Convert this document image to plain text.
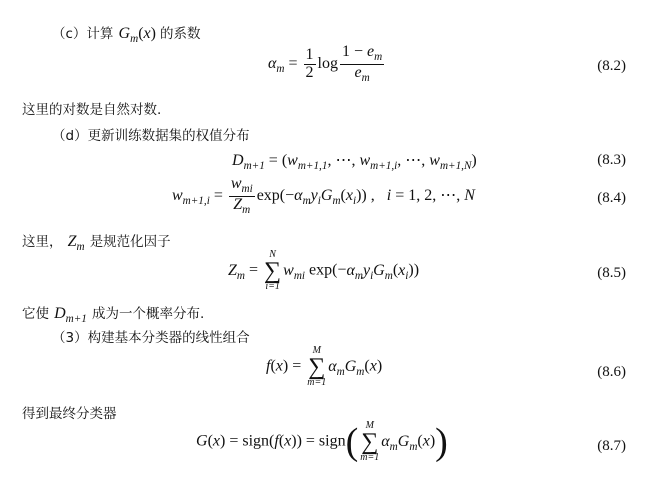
（c）计算 $G_m(x)$ 的系数
$\alpha_m = \frac{1}{2}$ $\log \frac{1 - e_m}{e_m}$	(8.2)
这里的对数是自然对数.
（d）更新训练数据集的权值分布
$D_{m+1} = (w_{m+1,1}$, ⋯, $w_{m+1,i}$, ⋯, $w_{m+1,N}$)	(8.3)
$w_{m+1,i} = \frac{w_{mi}}{Z_m} \exp(-\alpha_my_iG_m(x_i))$ ,   i = 1, 2, ⋯, N	(8.4)
这里， $Z_m$ 是规范化因子
$Z_m$ =
N
∑
i=1
$w_{mi}$ $\exp(-\alpha_my_iG_m(x_i))$	(8.5)
它使 $D_{m+1}$ 成为一个概率分布.
（3）构建基本分类器的线性组合
f(x) =
M
∑
m=1
$\alpha_mG_m(x)$	(8.6)
得到最终分类器
G(x) = sign(f(x)) = sign( M
∑
m=1
$\alpha_mG_m(x)$)	(8.7)
